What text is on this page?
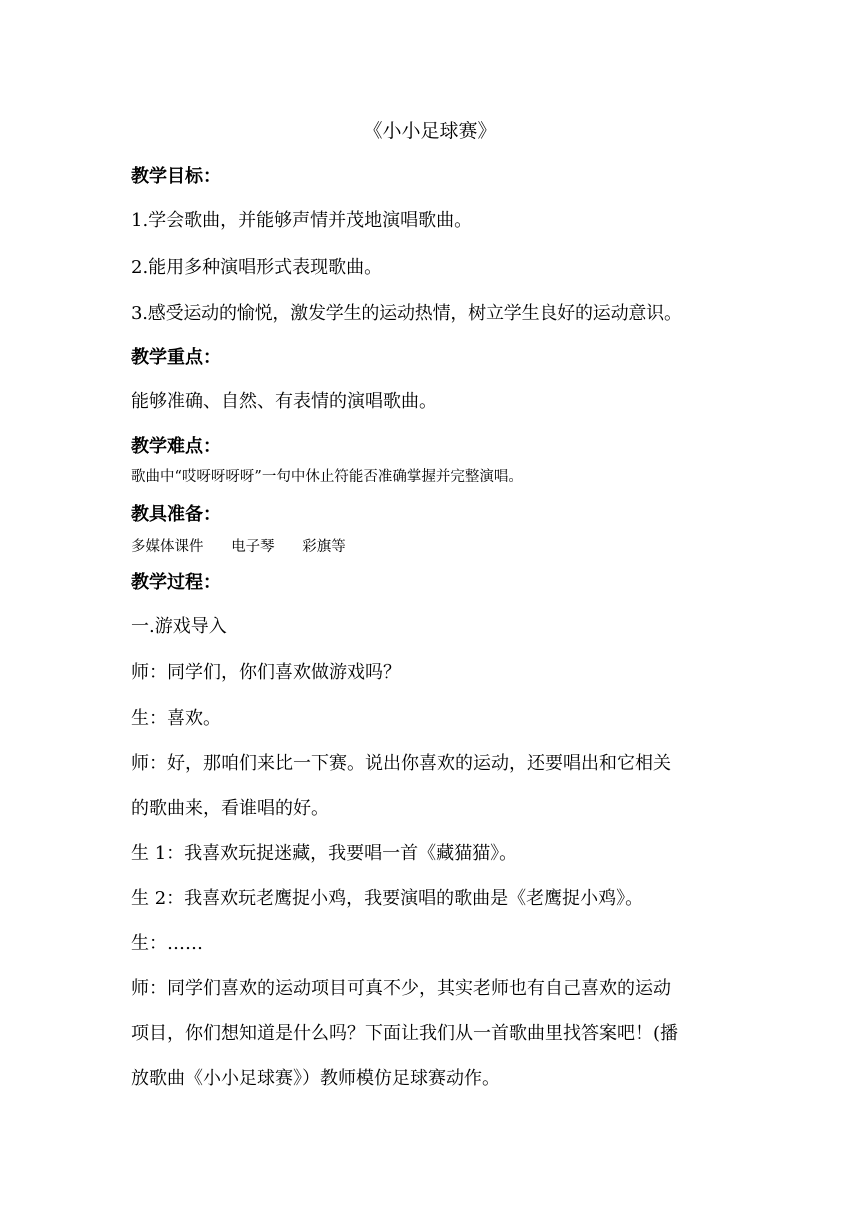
《小小足球赛》
教学目标：
1.学会歌曲，并能够声情并茂地演唱歌曲。
2.能用多种演唱形式表现歌曲。
3.感受运动的愉悦，激发学生的运动热情，树立学生良好的运动意识。
教学重点：
能够准确、自然、有表情的演唱歌曲。
教学难点：
歌曲中“哎呀呀呀呀”一句中休止符能否准确掌握并完整演唱。
教具准备：
多媒体课件      电子琴      彩旗等
教学过程：
一.游戏导入
师：同学们，你们喜欢做游戏吗？
生：喜欢。
师：好，那咱们来比一下赛。说出你喜欢的运动，还要唱出和它相关
的歌曲来，看谁唱的好。
生 1：我喜欢玩捉迷藏，我要唱一首《藏猫猫》。
生 2：我喜欢玩老鹰捉小鸡，我要演唱的歌曲是《老鹰捉小鸡》。
生：……
师：同学们喜欢的运动项目可真不少，其实老师也有自己喜欢的运动
项目，你们想知道是什么吗？下面让我们从一首歌曲里找答案吧！(播
放歌曲《小小足球赛》）教师模仿足球赛动作。
